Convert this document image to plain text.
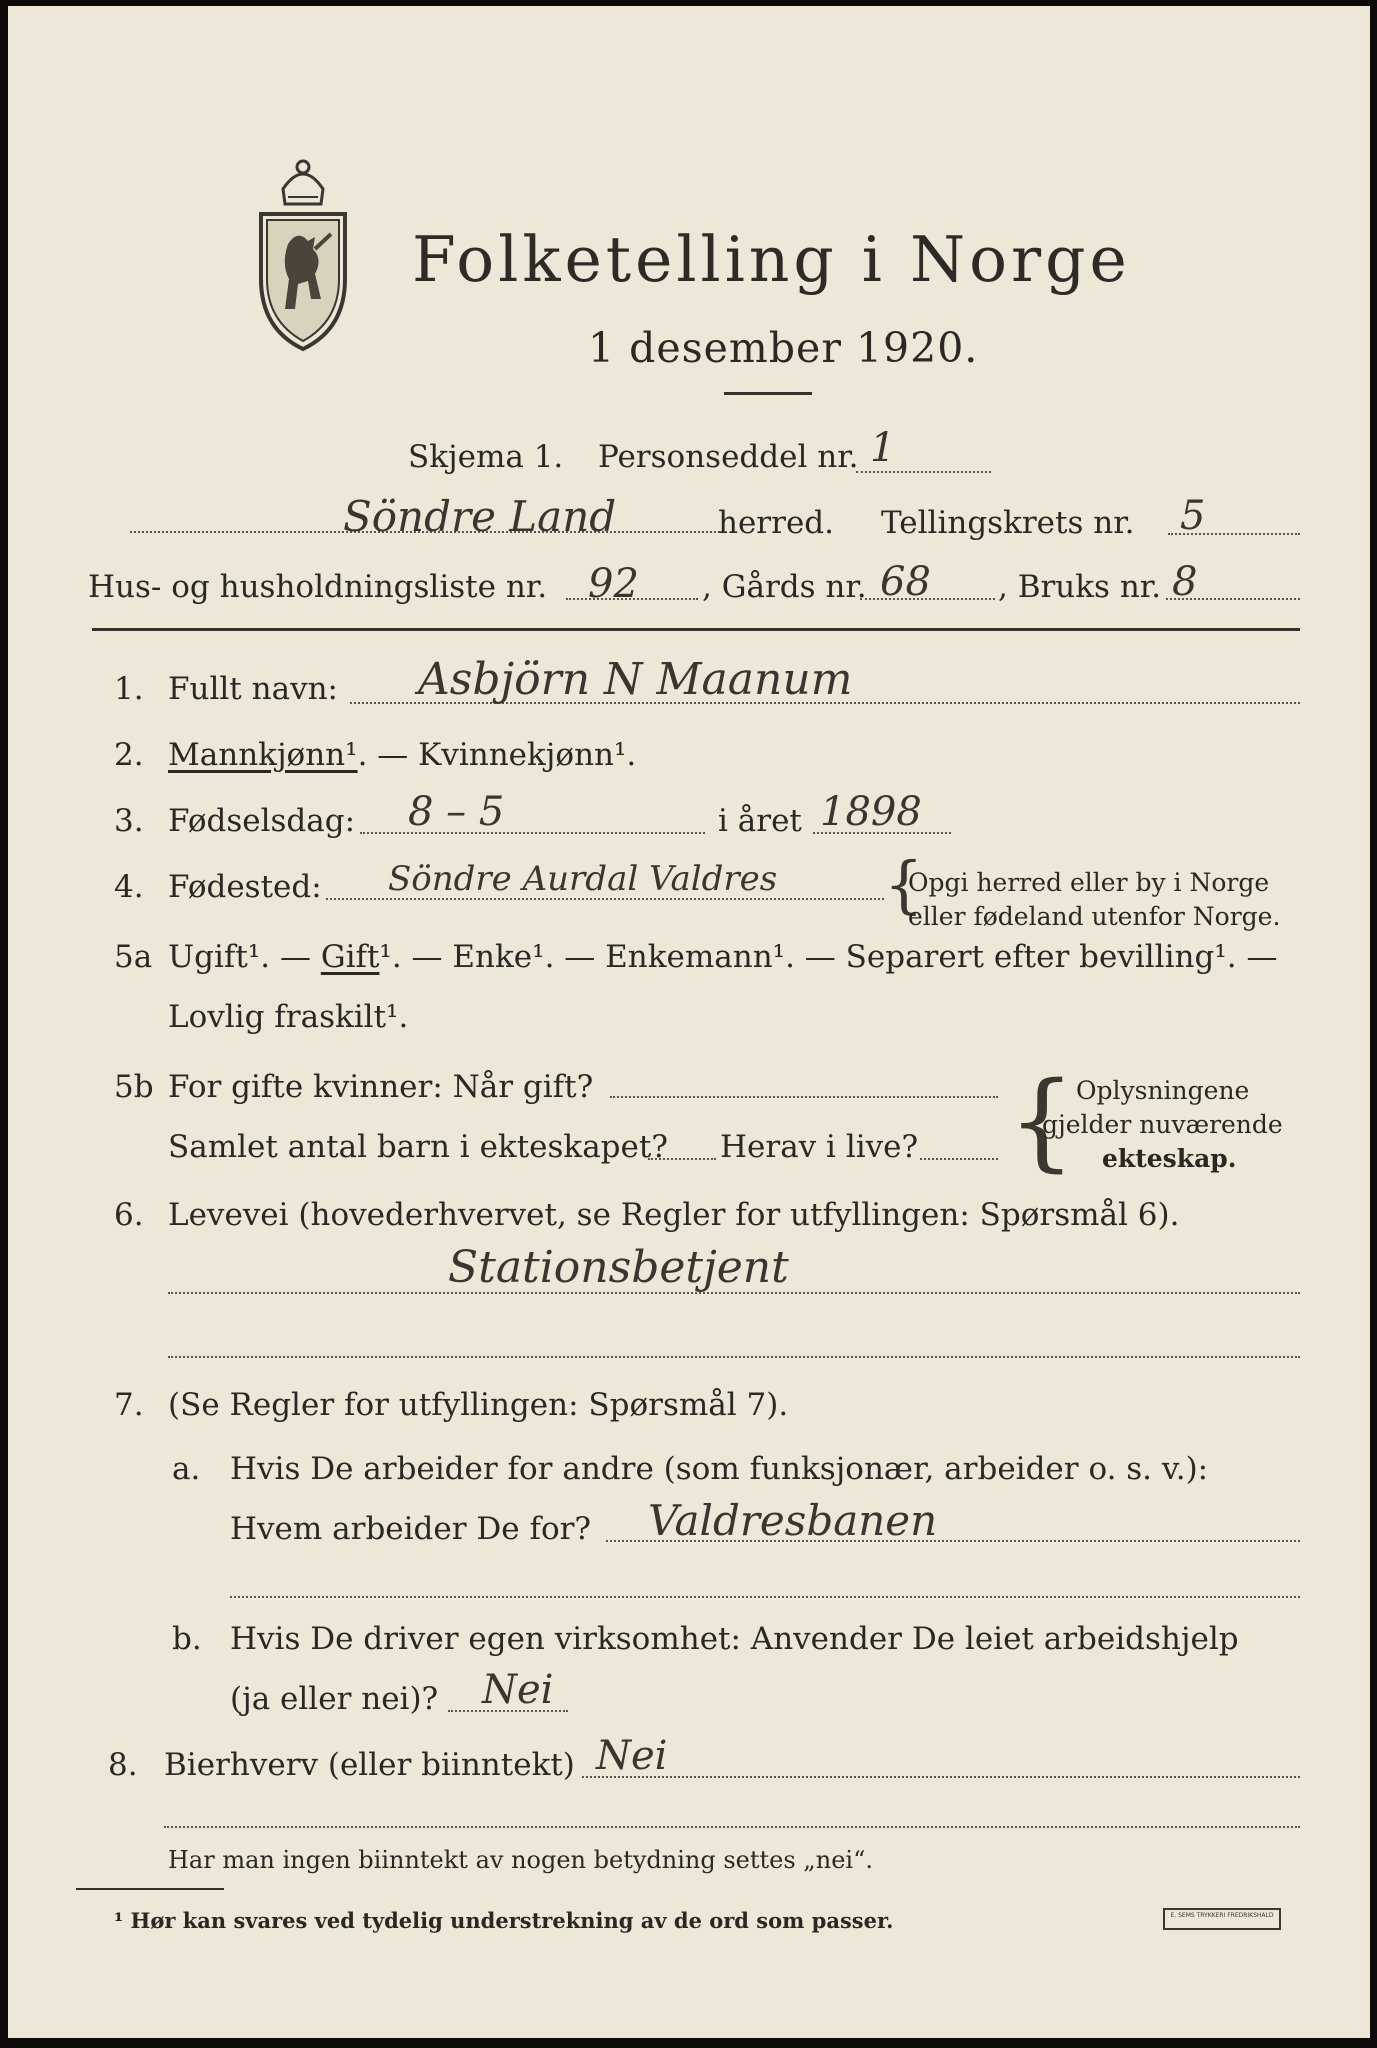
Folketelling i Norge
1 desember 1920.
Skjema 1. Personseddel nr. 1
Söndre Land	herred. Tellingskrets nr. 5
Hus- og husholdningsliste nr. 92 , Gårds nr. 68 , Bruks nr. 8
1. Fullt navn: Asbjörn N Maanum
2. Mannkjønn¹. — Kvinnekjønn¹.
3. Fødselsdag: 8 – 5	i året 1898
4. Fødested: Söndre Aurdal Valdres {
Opgi herred eller by i Norge
eller fødeland utenfor Norge.
5a Ugift¹. — Gift¹. — Enke¹. — Enkemann¹. — Separert efter bevilling¹. —
Lovlig fraskilt¹.
5b For gifte kvinner: Når gift?
Samlet antal barn i ekteskapet? Herav i live? { Oplysningene
gjelder nuværende
ekteskap.
6. Levevei (hovederhvervet, se Regler for utfyllingen: Spørsmål 6).
Stationsbetjent
7. (Se Regler for utfyllingen: Spørsmål 7).
a. Hvis De arbeider for andre (som funksjonær, arbeider o. s. v.):
Hvem arbeider De for? Valdresbanen
b. Hvis De driver egen virksomhet: Anvender De leiet arbeidshjelp
(ja eller nei)? Nei
8. Bierhverv (eller biinntekt) Nei
Har man ingen biinntekt av nogen betydning settes „nei“.
¹ Hør kan svares ved tydelig understrekning av de ord som passer.	E. SEMS TRYKKERI FREDRIKSHALD
